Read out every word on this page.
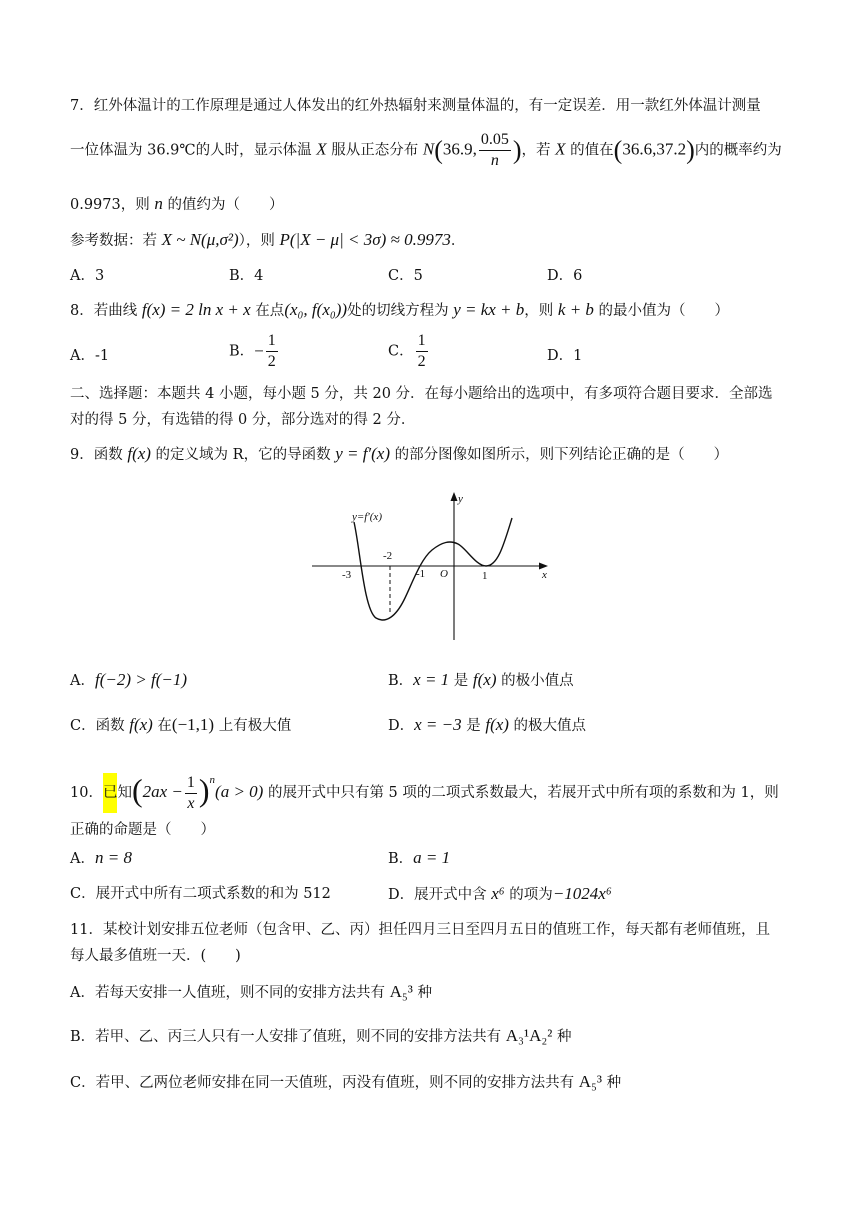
7．红外体温计的工作原理是通过人体发出的红外热辐射来测量体温的，有一定误差．用一款红外体温计测量
一位体温为 36.9℃的人时，显示体温 X 服从正态分布 N(36.9, $\frac{0.05}{n}$ )，若 X 的值在(36.6,37.2)内的概率约为
0.9973，则 n 的值约为（　　）
参考数据：若 X ~ N(μ,σ²)），则 P(|X − μ| < 3σ) ≈ 0.9973．
A．3	B．4	C．5	D．6
8．若曲线 f(x) = 2 ln x + x 在点(x₀, f(x₀))处的切线方程为 y = kx + b，则 k + b 的最小值为（　　）
A．-1	B．− $\frac{1}{2}$	C． $\frac{1}{2}$	D．1
二、选择题：本题共 4 小题，每小题 5 分，共 20 分．在每小题给出的选项中，有多项符合题目要求．全部选
对的得 5 分，有选错的得 0 分，部分选对的得 2 分．
9．函数 f(x) 的定义域为 R，它的导函数 y = f′(x) 的部分图像如图所示，则下列结论正确的是（　　）
y=f′(x)
y
x
O
-3
-2
-1	1
A．f(−2) > f(−1)	B．x = 1 是 f(x) 的极小值点
C．函数 f(x) 在(−1,1) 上有极大值	D．x = −3 是 f(x) 的极大值点
10．已知$(2ax - \frac{1}{x} )^n(a > 0)$ 的展开式中只有第 5 项的二项式系数最大，若展开式中所有项的系数和为 1，则
正确的命题是（　　）
A．n = 8	B．a = 1
C．展开式中所有二项式系数的和为 512	D．展开式中含 x⁶ 的项为−1024x⁶
11．某校计划安排五位老师（包含甲、乙、丙）担任四月三日至四月五日的值班工作，每天都有老师值班，且
每人最多值班一天．(　　)
A．若每天安排一人值班，则不同的安排方法共有 A₅³ 种
B．若甲、乙、丙三人只有一人安排了值班，则不同的安排方法共有 A₃¹A₂² 种
C．若甲、乙两位老师安排在同一天值班，丙没有值班，则不同的安排方法共有 A₅³ 种
